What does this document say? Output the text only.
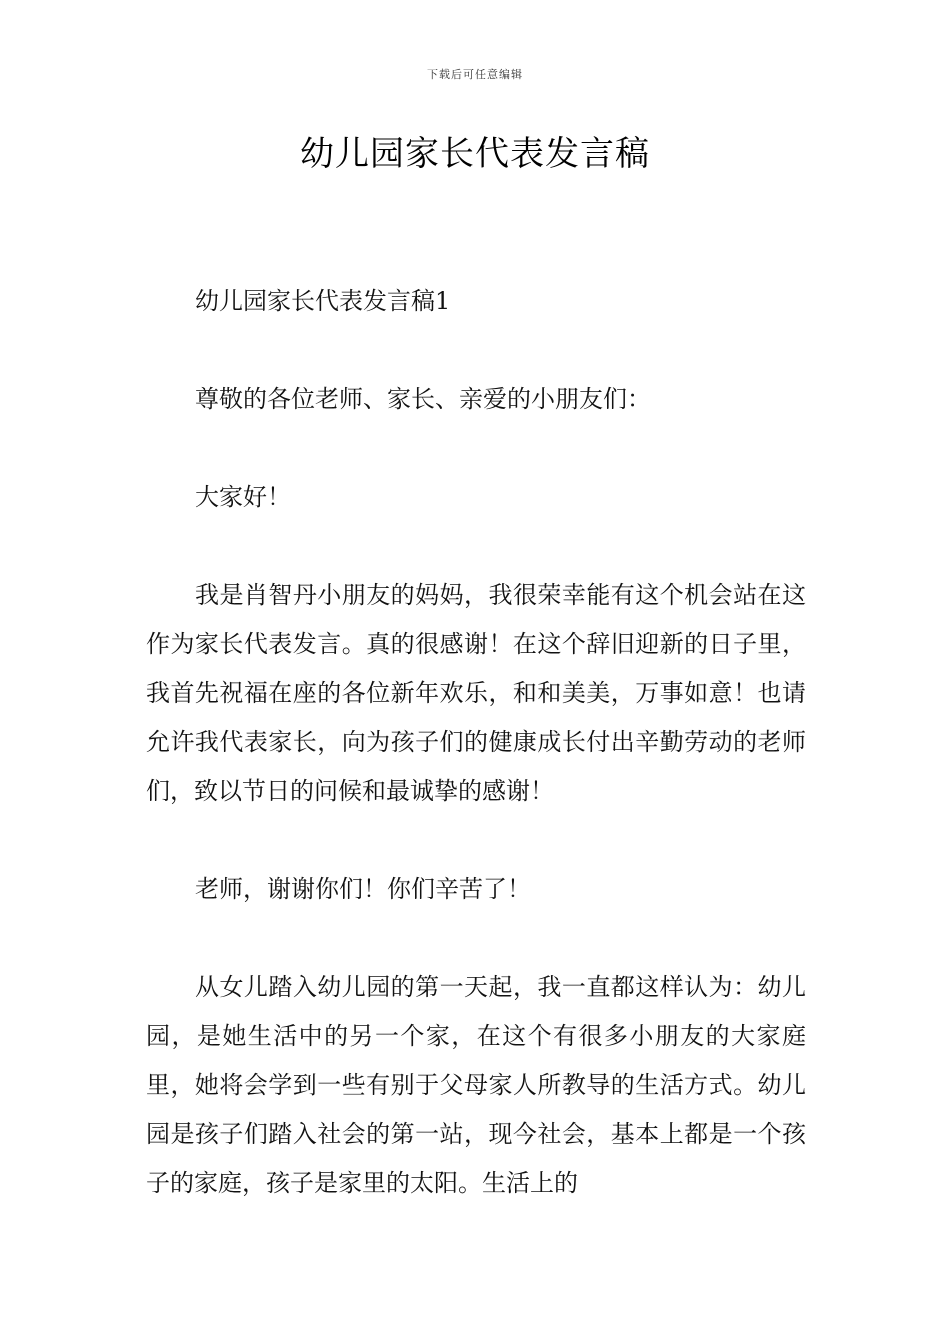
下载后可任意编辑
幼儿园家长代表发言稿

幼儿园家长代表发言稿1

尊敬的各位老师、家长、亲爱的小朋友们：

大家好！

我是肖智丹小朋友的妈妈，我很荣幸能有这个机会站在这作为家长代表发言。真的很感谢！在这个辞旧迎新的日子里，我首先祝福在座的各位新年欢乐，和和美美，万事如意！也请允许我代表家长，向为孩子们的健康成长付出辛勤劳动的老师们，致以节日的问候和最诚挚的感谢！

老师，谢谢你们！你们辛苦了！

从女儿踏入幼儿园的第一天起，我一直都这样认为：幼儿园，是她生活中的另一个家，在这个有很多小朋友的大家庭里，她将会学到一些有别于父母家人所教导的生活方式。幼儿园是孩子们踏入社会的第一站，现今社会，基本上都是一个孩子的家庭，孩子是家里的太阳。生活上的
